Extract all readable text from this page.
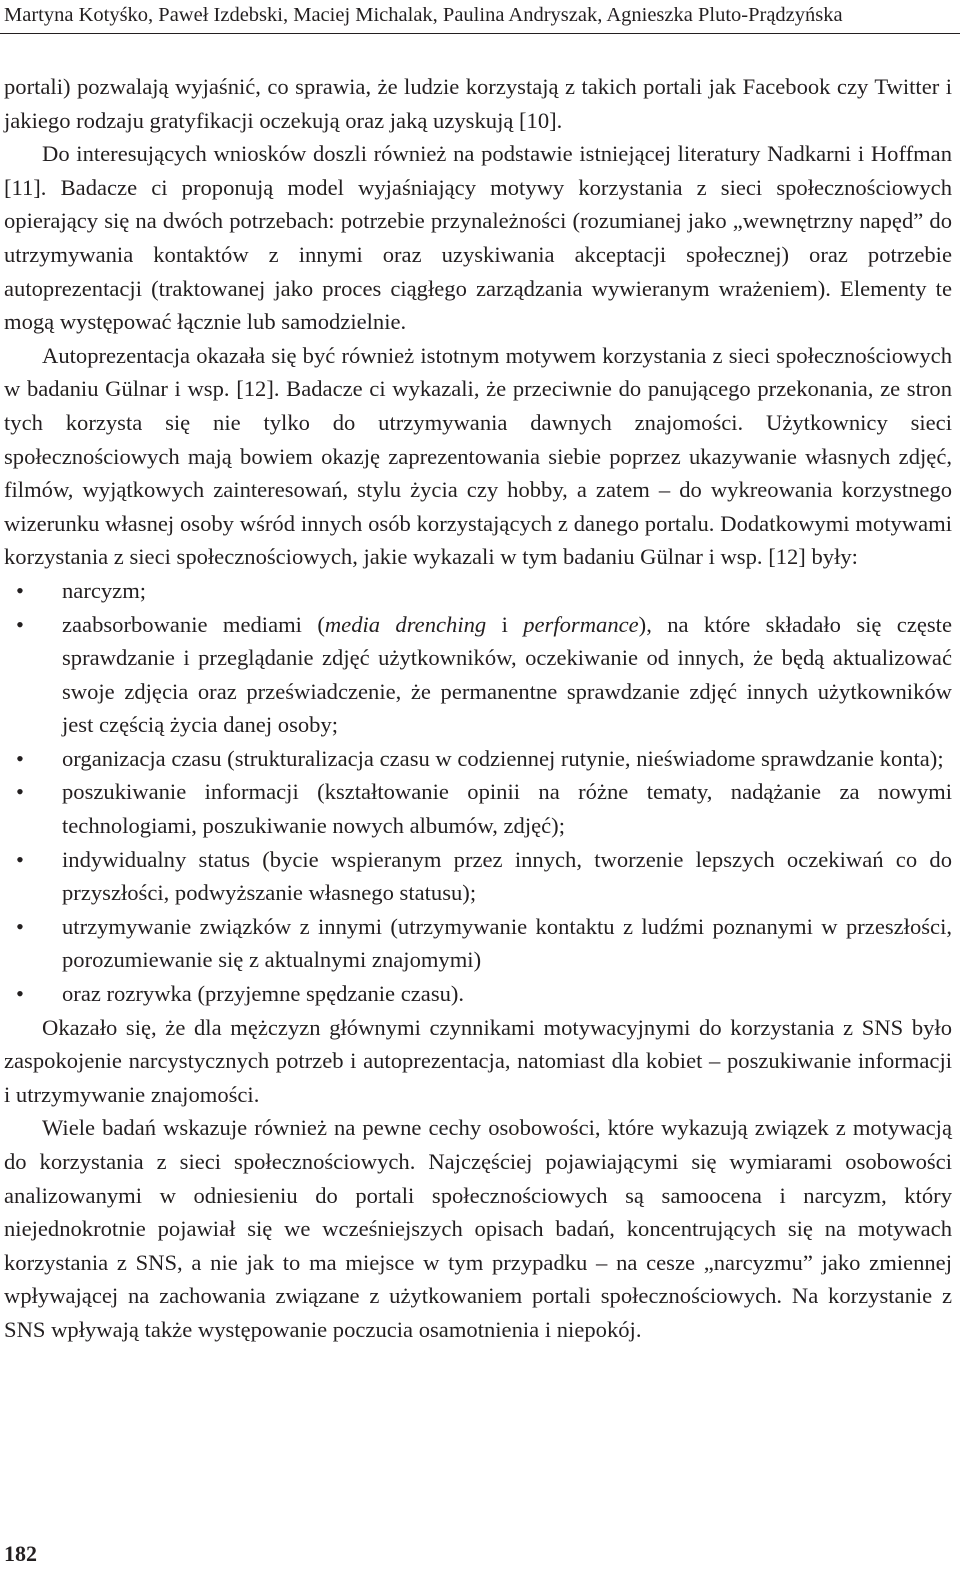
Martyna Kotyśko, Paweł Izdebski, Maciej Michalak, Paulina Andryszak, Agnieszka Pluto-Prądzyńska

portali) pozwalają wyjaśnić, co sprawia, że ludzie korzystają z takich portali jak Facebook czy Twitter i jakiego rodzaju gratyfikacji oczekują oraz jaką uzyskują [10].

Do interesujących wniosków doszli również na podstawie istniejącej literatury Nadkarni i Hoffman [11]. Badacze ci proponują model wyjaśniający motywy korzystania z sieci społecznościowych opierający się na dwóch potrzebach: potrzebie przynależności (rozumianej jako „wewnętrzny napęd” do utrzymywania kontaktów z innymi oraz uzyskiwania akceptacji społecznej) oraz potrzebie autoprezentacji (traktowanej jako proces ciągłego zarządzania wywieranym wrażeniem). Elementy te mogą występować łącznie lub samodzielnie.

Autoprezentacja okazała się być również istotnym motywem korzystania z sieci społecznościowych w badaniu Gülnar i wsp. [12]. Badacze ci wykazali, że przeciwnie do panującego przekonania, ze stron tych korzysta się nie tylko do utrzymywania dawnych znajomości. Użytkownicy sieci społecznościowych mają bowiem okazję zaprezentowania siebie poprzez ukazywanie własnych zdjęć, filmów, wyjątkowych zainteresowań, stylu życia czy hobby, a zatem – do wykreowania korzystnego wizerunku własnej osoby wśród innych osób korzystających z danego portalu. Dodatkowymi motywami korzystania z sieci społecznościowych, jakie wykazali w tym badaniu Gülnar i wsp. [12] były:

• narcyzm;
• zaabsorbowanie mediami (media drenching i performance), na które składało się częste sprawdzanie i przeglądanie zdjęć użytkowników, oczekiwanie od innych, że będą aktualizować swoje zdjęcia oraz przeświadczenie, że permanentne sprawdzanie zdjęć innych użytkowników jest częścią życia danej osoby;
• organizacja czasu (strukturalizacja czasu w codziennej rutynie, nieświadome sprawdzanie konta);
• poszukiwanie informacji (kształtowanie opinii na różne tematy, nadążanie za nowymi technologiami, poszukiwanie nowych albumów, zdjęć);
• indywidualny status (bycie wspieranym przez innych, tworzenie lepszych oczekiwań co do przyszłości, podwyższanie własnego statusu);
• utrzymywanie związków z innymi (utrzymywanie kontaktu z ludźmi poznanymi w przeszłości, porozumiewanie się z aktualnymi znajomymi)
• oraz rozrywka (przyjemne spędzanie czasu).

Okazało się, że dla mężczyzn głównymi czynnikami motywacyjnymi do korzystania z SNS było zaspokojenie narcystycznych potrzeb i autoprezentacja, natomiast dla kobiet – poszukiwanie informacji i utrzymywanie znajomości.

Wiele badań wskazuje również na pewne cechy osobowości, które wykazują związek z motywacją do korzystania z sieci społecznościowych. Najczęściej pojawiającymi się wymiarami osobowości analizowanymi w odniesieniu do portali społecznościowych są samoocena i narcyzm, który niejednokrotnie pojawiał się we wcześniejszych opisach badań, koncentrujących się na motywach korzystania z SNS, a nie jak to ma miejsce w tym przypadku – na cesze „narcyzmu” jako zmiennej wpływającej na zachowania związane z użytkowaniem portali społecznościowych. Na korzystanie z SNS wpływają także występowanie poczucia osamotnienia i niepokój.

182
